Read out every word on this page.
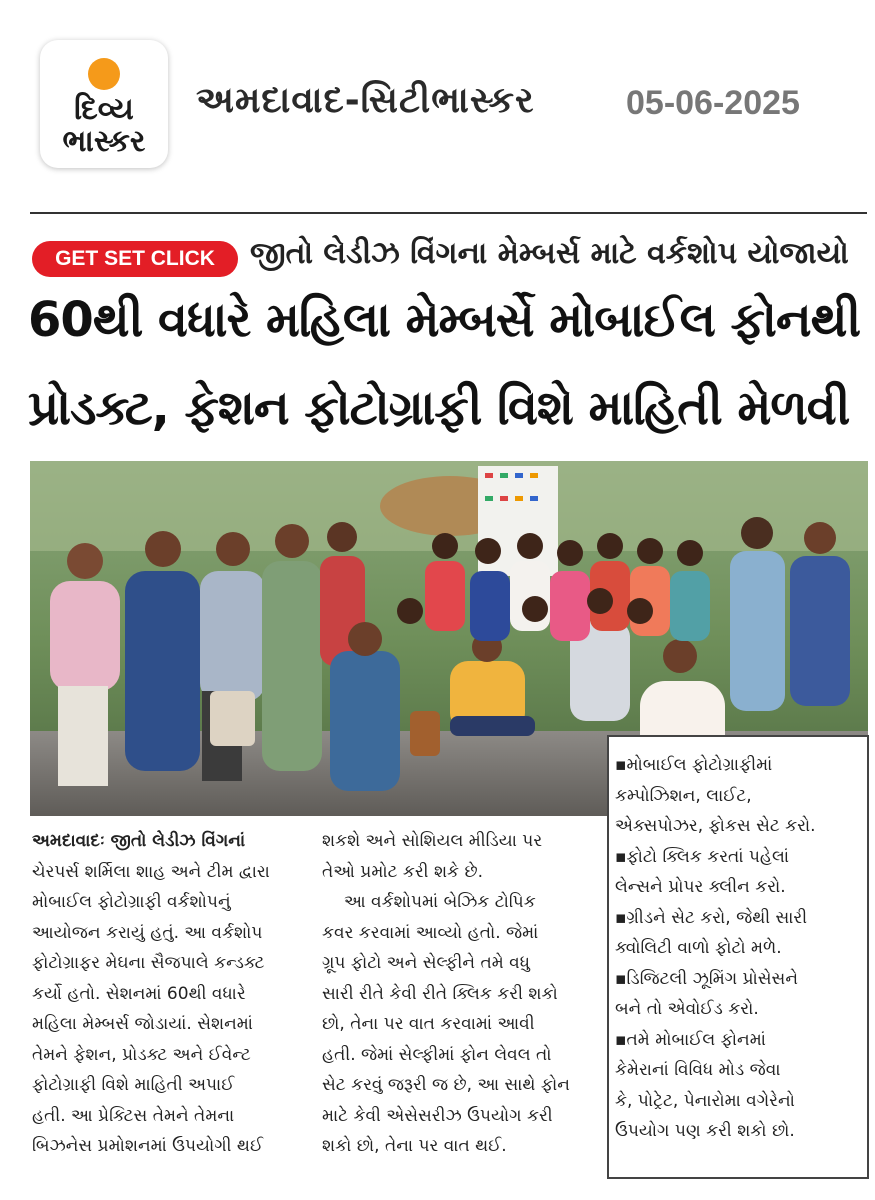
દિવ્ય
ભાસ્કર
અમદાવાદ-સિટીભાસ્કર	05-06-2025
GET SET CLICK	જીતો લેડીઝ વિંગના મેમ્બર્સ માટે વર્કશોપ યોજાયો
60થી વધારે મહિલા મેમ્બર્સે મોબાઈલ ફોનથી
પ્રોડક્ટ, ફેશન ફોટોગ્રાફી વિશે માહિતી મેળવી
▪મોબાઈલ ફોટોગ્રાફીમાં
કમ્પોઝિશન, લાઈટ,
એક્સપોઝર, ફોકસ સેટ કરો.
▪ફોટો ક્લિક કરતાં પહેલાં
લેન્સને પ્રોપર ક્લીન કરો.
▪ગ્રીડને સેટ કરો, જેથી સારી
ક્વોલિટી વાળો ફોટો મળે.
▪ડિજિટલી ઝૂમિંગ પ્રોસેસને
બને તો એવોઈડ કરો.
▪તમે મોબાઈલ ફોનમાં
કેમેરાનાં વિવિધ મોડ જેવા
કે, પોટ્રેટ, પેનારોમા વગેરેનો
ઉપયોગ પણ કરી શકો છો.

અમદાવાદઃ જીતો લેડીઝ વિંગનાં

ચેરપર્સ શર્મિલા શાહ અને ટીમ દ્વારા

મોબાઈલ ફોટોગ્રાફી વર્કશોપનું

આયોજન કરાયું હતું. આ વર્કશોપ

ફોટોગ્રાફર મેઘના સૈજપાલે કન્ડક્ટ

કર્યો હતો. સેશનમાં 60થી વધારે

મહિલા મેમ્બર્સ જોડાયાં. સેશનમાં

તેમને ફેશન, પ્રોડક્ટ અને ઈવેન્ટ

ફોટોગ્રાફી વિશે માહિતી અપાઈ

હતી. આ પ્રેક્ટિસ તેમને તેમના

બિઝનેસ પ્રમોશનમાં ઉપયોગી થઈ

શકશે અને સોશિયલ મીડિયા પર

તેઓ પ્રમોટ કરી શકે છે.

આ વર્કશોપમાં બેઝિક ટોપિક

કવર કરવામાં આવ્યો હતો. જેમાં

ગ્રૂપ ફોટો અને સેલ્ફીને તમે વધુ

સારી રીતે કેવી રીતે ક્લિક કરી શકો

છો, તેના પર વાત કરવામાં આવી

હતી. જેમાં સેલ્ફીમાં ફોન લેવલ તો

સેટ કરવું જરૂરી જ છે, આ સાથે ફોન

માટે કેવી એસેસરીઝ ઉપયોગ કરી

શકો છો, તેના પર વાત થઈ.
